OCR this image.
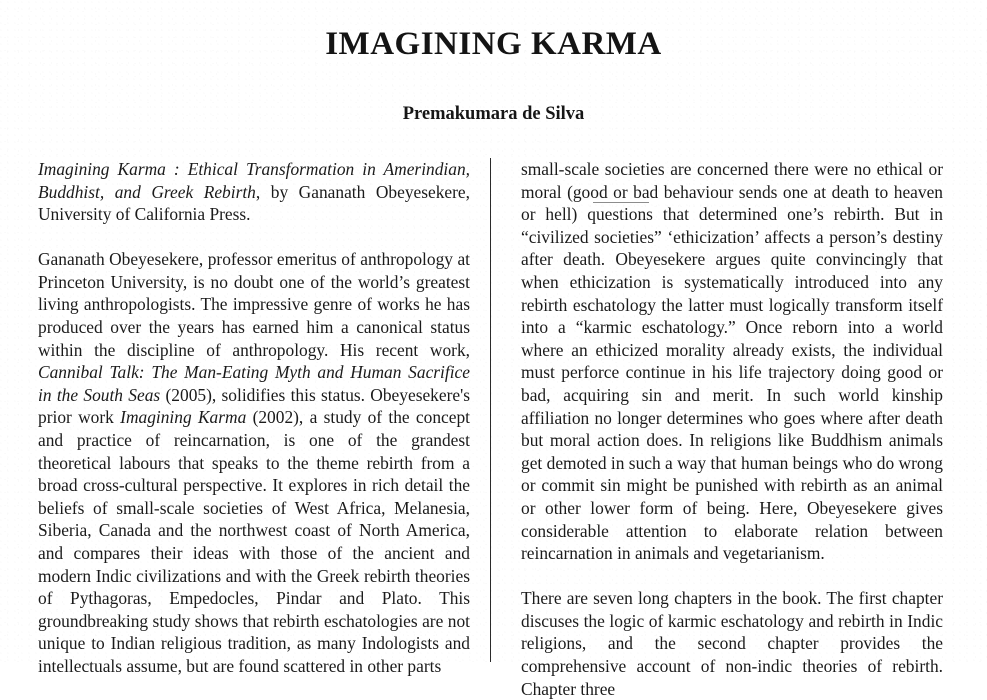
IMAGINING KARMA
Premakumara de Silva

Imagining Karma : Ethical Transformation in Amerindian, Buddhist, and Greek Rebirth, by Gananath Obeyesekere, University of California Press.

Gananath Obeyesekere, professor emeritus of anthropology at Princeton University, is no doubt one of the world’s greatest living anthropologists. The impressive genre of works he has produced over the years has earned him a canonical status within the discipline of anthropology. His recent work, Cannibal Talk: The Man-Eating Myth and Human Sacrifice in the South Seas (2005), solidifies this status. Obeyesekere's prior work Imagining Karma (2002), a study of the concept and practice of reincarnation, is one of the grandest theoretical labours that speaks to the theme rebirth from a broad cross-cultural perspective. It explores in rich detail the beliefs of small-scale societies of West Africa, Melanesia, Siberia, Canada and the northwest coast of North America, and compares their ideas with those of the ancient and modern Indic civilizations and with the Greek rebirth theories of Pythagoras, Empedocles, Pindar and Plato. This groundbreaking study shows that rebirth eschatologies are not unique to Indian religious tradition, as many Indologists and intellectuals assume, but are found scattered in other parts

small-scale societies are concerned there were no ethical or moral (good or bad behaviour sends one at death to heaven or hell) questions that determined one’s rebirth. But in “civilized societies” ‘ethicization’ affects a person’s destiny after death. Obeyesekere argues quite convincingly that when ethicization is systematically introduced into any rebirth eschatology the latter must logically transform itself into a “karmic eschatology.” Once reborn into a world where an ethicized morality already exists, the individual must perforce continue in his life trajectory doing good or bad, acquiring sin and merit. In such world kinship affiliation no longer determines who goes where after death but moral action does. In religions like Buddhism animals get demoted in such a way that human beings who do wrong or commit sin might be punished with rebirth as an animal or other lower form of being. Here, Obeyesekere gives considerable attention to elaborate relation between reincarnation in animals and vegetarianism.

There are seven long chapters in the book. The first chapter discuses the logic of karmic eschatology and rebirth in Indic religions, and the second chapter provides the comprehensive account of non-indic theories of rebirth. Chapter three
